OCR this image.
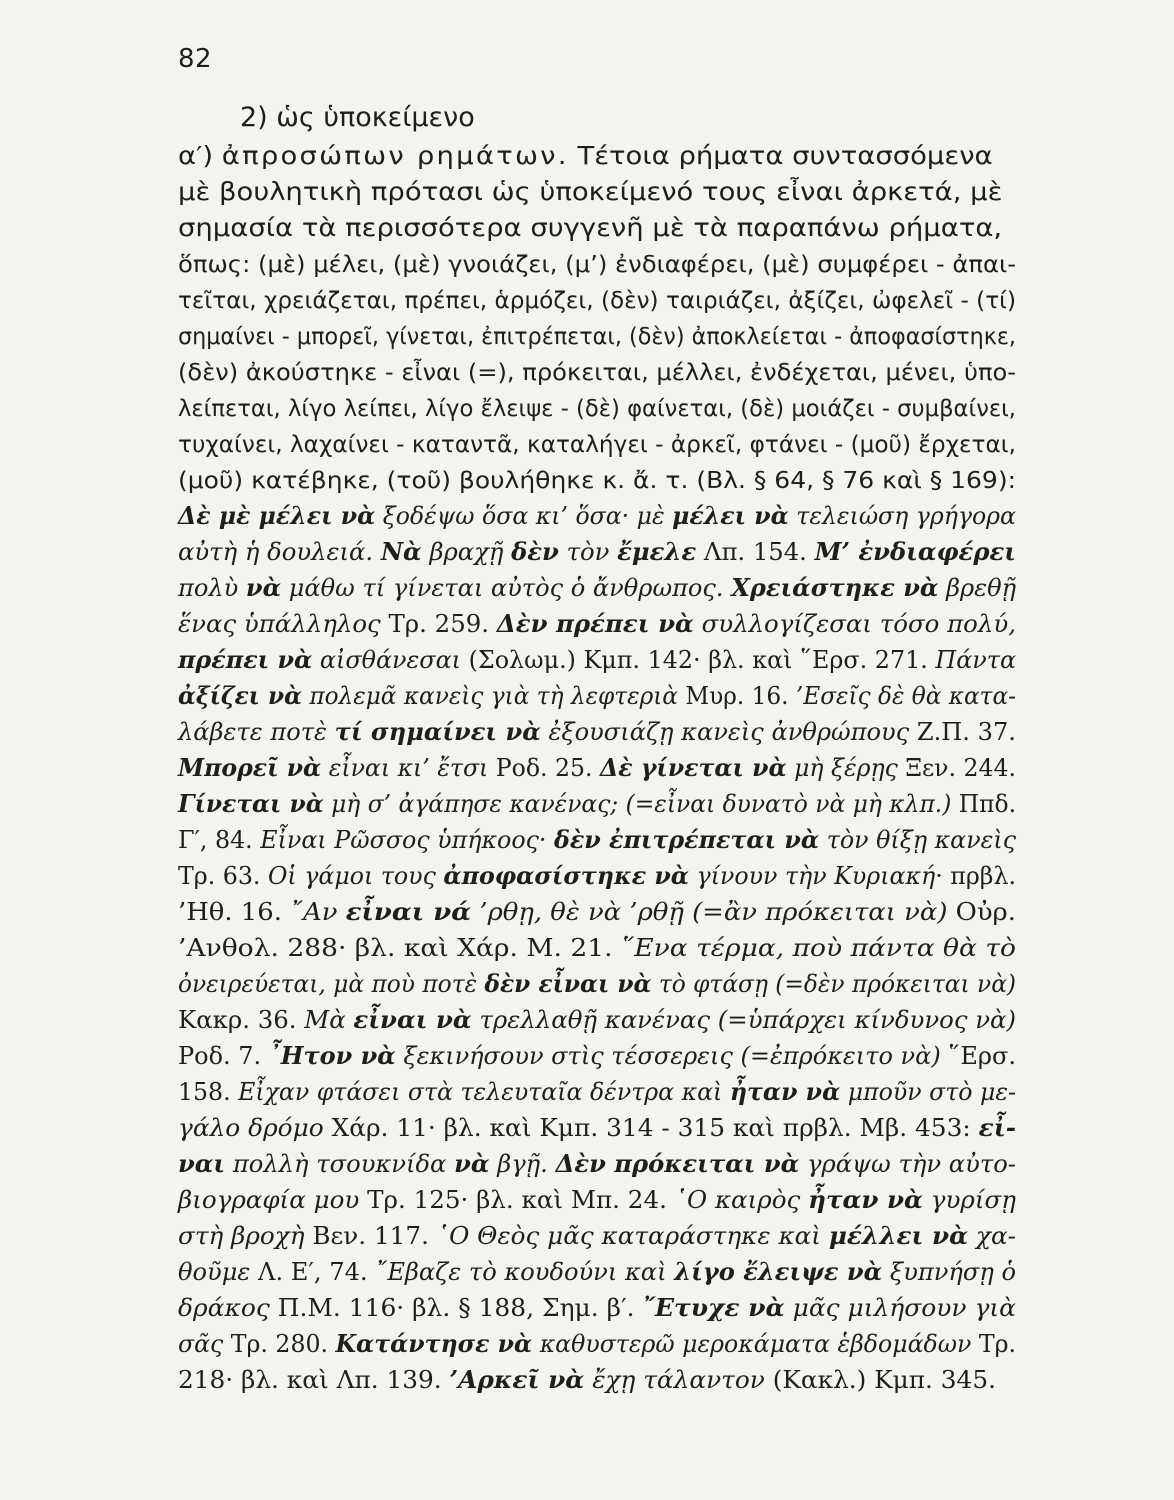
82
2) ὡς ὑποκείμενο
α′) ἀπροσώπων ρημάτων. Τέτοια ρήματα συντασσόμενα
μὲ βουλητικὴ πρότασι ὡς ὑποκείμενό τους εἶναι ἀρκετά, μὲ
σημασία τὰ περισσότερα συγγενῆ μὲ τὰ παραπάνω ρήματα,
ὅπως: (μὲ) μέλει, (μὲ) γνοιάζει, (μ’) ἐνδιαφέρει, (μὲ) συμφέρει - ἀπαι-
τεῖται, χρειάζεται, πρέπει, ἁρμόζει, (δὲν) ταιριάζει, ἀξίζει, ὠφελεῖ - (τί)
σημαίνει - μπορεῖ, γίνεται, ἐπιτρέπεται, (δὲν) ἀποκλείεται - ἀποφασίστηκε,
(δὲν) ἀκούστηκε - εἶναι (=), πρόκειται, μέλλει, ἐνδέχεται, μένει, ὑπο-
λείπεται, λίγο λείπει, λίγο ἔλειψε - (δὲ) φαίνεται, (δὲ) μοιάζει - συμβαίνει,
τυχαίνει, λαχαίνει - καταντᾶ, καταλήγει - ἀρκεῖ, φτάνει - (μοῦ) ἔρχεται,
(μοῦ) κατέβηκε, (τοῦ) βουλήθηκε κ. ἄ. τ. (Βλ. § 64, § 76 καὶ § 169):
Δὲ μὲ μέλει νὰ ξοδέψω ὅσα κι’ ὅσα· μὲ μέλει νὰ τελειώση γρήγορα
αὐτὴ ἡ δουλειά. Νὰ βραχῇ δὲν τὸν ἔμελε Λπ. 154. Μ’ ἐνδιαφέρει
πολὺ νὰ μάθω τί γίνεται αὐτὸς ὁ ἄνθρωπος. Χρειάστηκε νὰ βρεθῇ
ἕνας ὑπάλληλος Τρ. 259. Δὲν πρέπει νὰ συλλογίζεσαι τόσο πολύ,
πρέπει νὰ αἰσθάνεσαι (Σολωμ.) Κμπ. 142· βλ. καὶ ῞Ερσ. 271. Πάντα
ἀξίζει νὰ πολεμᾶ κανεὶς γιὰ τὴ λεφτεριὰ Μυρ. 16. ’Εσεῖς δὲ θὰ κατα-
λάβετε ποτὲ τί σημαίνει νὰ ἐξουσιάζῃ κανεὶς ἀνθρώπους Ζ.Π. 37.
Μπορεῖ νὰ εἶναι κι’ ἔτσι Ροδ. 25. Δὲ γίνεται νὰ μὴ ξέρῃς Ξεν. 244.
Γίνεται νὰ μὴ σ’ ἀγάπησε κανένας; (=εἶναι δυνατὸ νὰ μὴ κλπ.) Ππδ.
Γ′, 84. Εἶναι Ρῶσσος ὑπήκοος· δὲν ἐπιτρέπεται νὰ τὸν θίξῃ κανεὶς
Τρ. 63. Οἱ γάμοι τους ἀποφασίστηκε νὰ γίνουν τὴν Κυριακή· πρβλ.
’Ηθ. 16. ῎Αν εἶναι νά ’ρθῃ, θὲ νὰ ’ρθῇ (=ἂν πρόκειται νὰ) Οὐρ.
’Ανθολ. 288· βλ. καὶ Χάρ. Μ. 21. ῞Ενα τέρμα, ποὺ πάντα θὰ τὸ
ὀνειρεύεται, μὰ ποὺ ποτὲ δὲν εἶναι νὰ τὸ φτάσῃ (=δὲν πρόκειται νὰ)
Κακρ. 36. Μὰ εἶναι νὰ τρελλαθῇ κανένας (=ὑπάρχει κίνδυνος νὰ)
Ροδ. 7. ῏Ητον νὰ ξεκινήσουν στὶς τέσσερεις (=ἐπρόκειτο νὰ) ῞Ερσ.
158. Εἶχαν φτάσει στὰ τελευταῖα δέντρα καὶ ἦταν νὰ μποῦν στὸ με-
γάλο δρόμο Χάρ. 11· βλ. καὶ Κμπ. 314 - 315 καὶ πρβλ. Μβ. 453: εἶ-
ναι πολλὴ τσουκνίδα νὰ βγῇ. Δὲν πρόκειται νὰ γράψω τὴν αὐτο-
βιογραφία μου Τρ. 125· βλ. καὶ Μπ. 24. ῾Ο καιρὸς ἦταν νὰ γυρίσῃ
στὴ βροχὴ Βεν. 117. ῾Ο Θεὸς μᾶς καταράστηκε καὶ μέλλει νὰ χα-
θοῦμε Λ. Ε′, 74. ῎Εβαζε τὸ κουδούνι καὶ λίγο ἔλειψε νὰ ξυπνήσῃ ὁ
δράκος Π.Μ. 116· βλ. § 188, Σημ. β′. ῎Ετυχε νὰ μᾶς μιλήσουν γιὰ
σᾶς Τρ. 280. Κατάντησε νὰ καθυστερῶ μεροκάματα ἑβδομάδων Τρ.
218· βλ. καὶ Λπ. 139. ’Αρκεῖ νὰ ἔχῃ τάλαντον (Κακλ.) Κμπ. 345.
